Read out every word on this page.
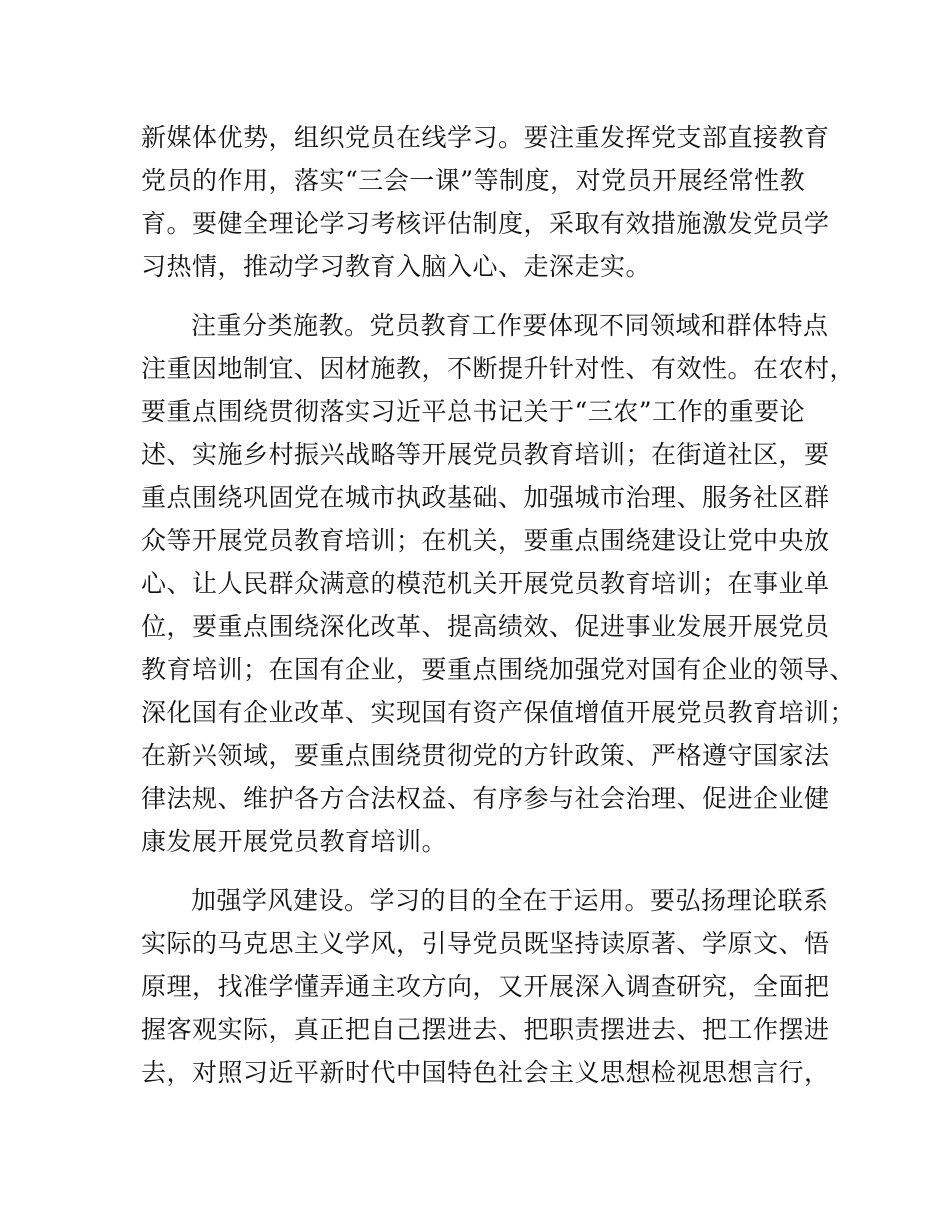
新媒体优势，组织党员在线学习。要注重发挥党支部直接教育
党员的作用，落实“三会一课”等制度，对党员开展经常性教
育。要健全理论学习考核评估制度，采取有效措施激发党员学
习热情，推动学习教育入脑入心、走深走实。
注重分类施教。党员教育工作要体现不同领域和群体特点
注重因地制宜、因材施教，不断提升针对性、有效性。在农村，
要重点围绕贯彻落实习近平总书记关于“三农”工作的重要论
述、实施乡村振兴战略等开展党员教育培训；在街道社区，要
重点围绕巩固党在城市执政基础、加强城市治理、服务社区群
众等开展党员教育培训；在机关，要重点围绕建设让党中央放
心、让人民群众满意的模范机关开展党员教育培训；在事业单
位，要重点围绕深化改革、提高绩效、促进事业发展开展党员
教育培训；在国有企业，要重点围绕加强党对国有企业的领导、
深化国有企业改革、实现国有资产保值增值开展党员教育培训；
在新兴领域，要重点围绕贯彻党的方针政策、严格遵守国家法
律法规、维护各方合法权益、有序参与社会治理、促进企业健
康发展开展党员教育培训。
加强学风建设。学习的目的全在于运用。要弘扬理论联系
实际的马克思主义学风，引导党员既坚持读原著、学原文、悟
原理，找准学懂弄通主攻方向，又开展深入调查研究，全面把
握客观实际，真正把自己摆进去、把职责摆进去、把工作摆进
去，对照习近平新时代中国特色社会主义思想检视思想言行，
